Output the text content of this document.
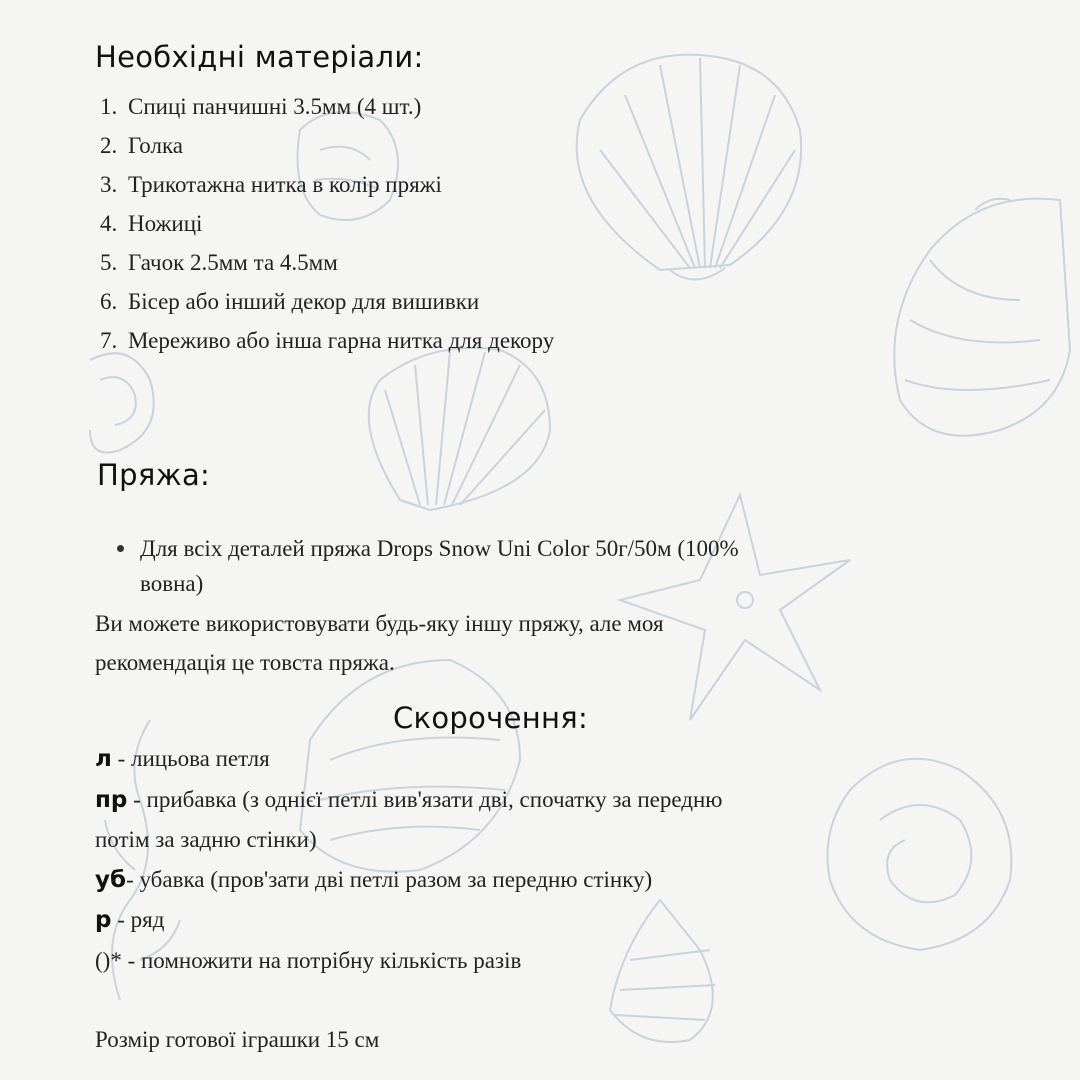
Необхідні матеріали:
1. Спиці панчишні 3.5мм (4 шт.)
2. Голка
3. Трикотажна нитка в колір пряжі
4. Ножиці
5. Гачок 2.5мм та 4.5мм
6. Бісер або інший декор для вишивки
7. Мереживо або інша гарна нитка для декору
Пряжа:

Для всіх деталей пряжа Drops Snow Uni Color 50г/50м (100%

вовна)

Ви можете використовувати будь-яку іншу пряжу, але моя

рекомендація це товста пряжа.

Скорочення:

л - лицьова петля

пр - прибавка (з однієї петлі вив'язати дві, спочатку за передню

потім за задню стінки)

уб- убавка (пров'зати дві петлі разом за передню стінку)

р - ряд

()* - помножити на потрібну кількість разів

Розмір готової іграшки 15 см
